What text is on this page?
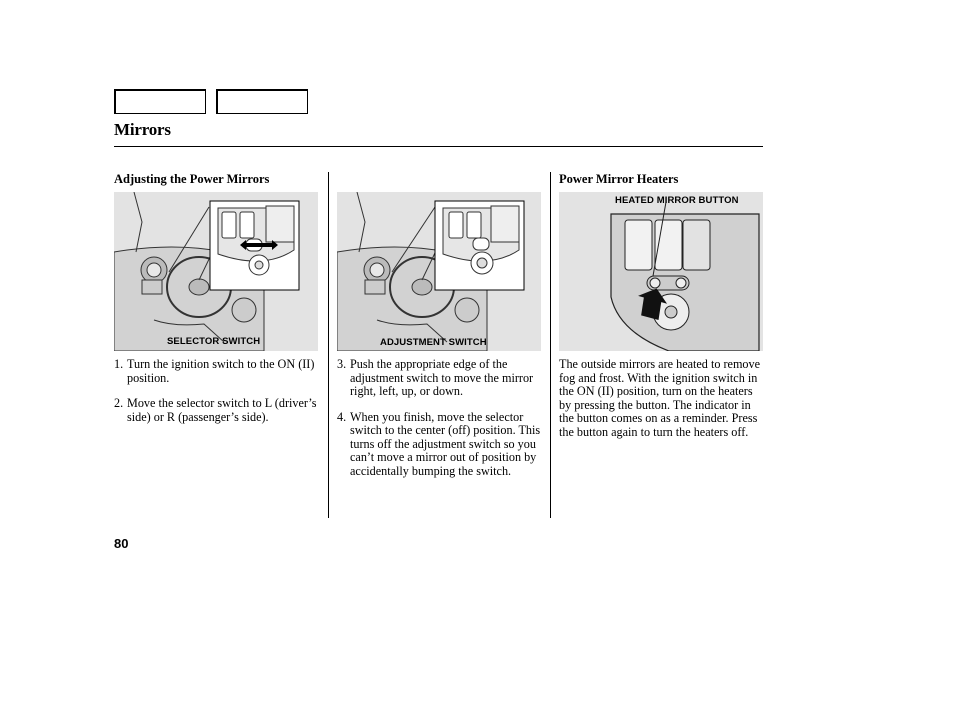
Mirrors
Adjusting the Power Mirrors	Power Mirror Heaters
SELECTOR SWITCH	ADJUSTMENT SWITCH
HEATED MIRROR BUTTON
1. Turn the ignition switch to the ON (II) position.
2. Move the selector switch to L (driver’s side) or R (passenger’s side).
3. Push the appropriate edge of the adjustment switch to move the mirror right, left, up, or down.
4. When you finish, move the selector switch to the center (off) position. This turns off the adjustment switch so you can’t move a mirror out of position by accidentally bumping the switch.
The outside mirrors are heated to remove fog and frost. With the ignition switch in the ON (II) position, turn on the heaters by pressing the button. The indicator in the button comes on as a reminder. Press the button again to turn the heaters off.
80
